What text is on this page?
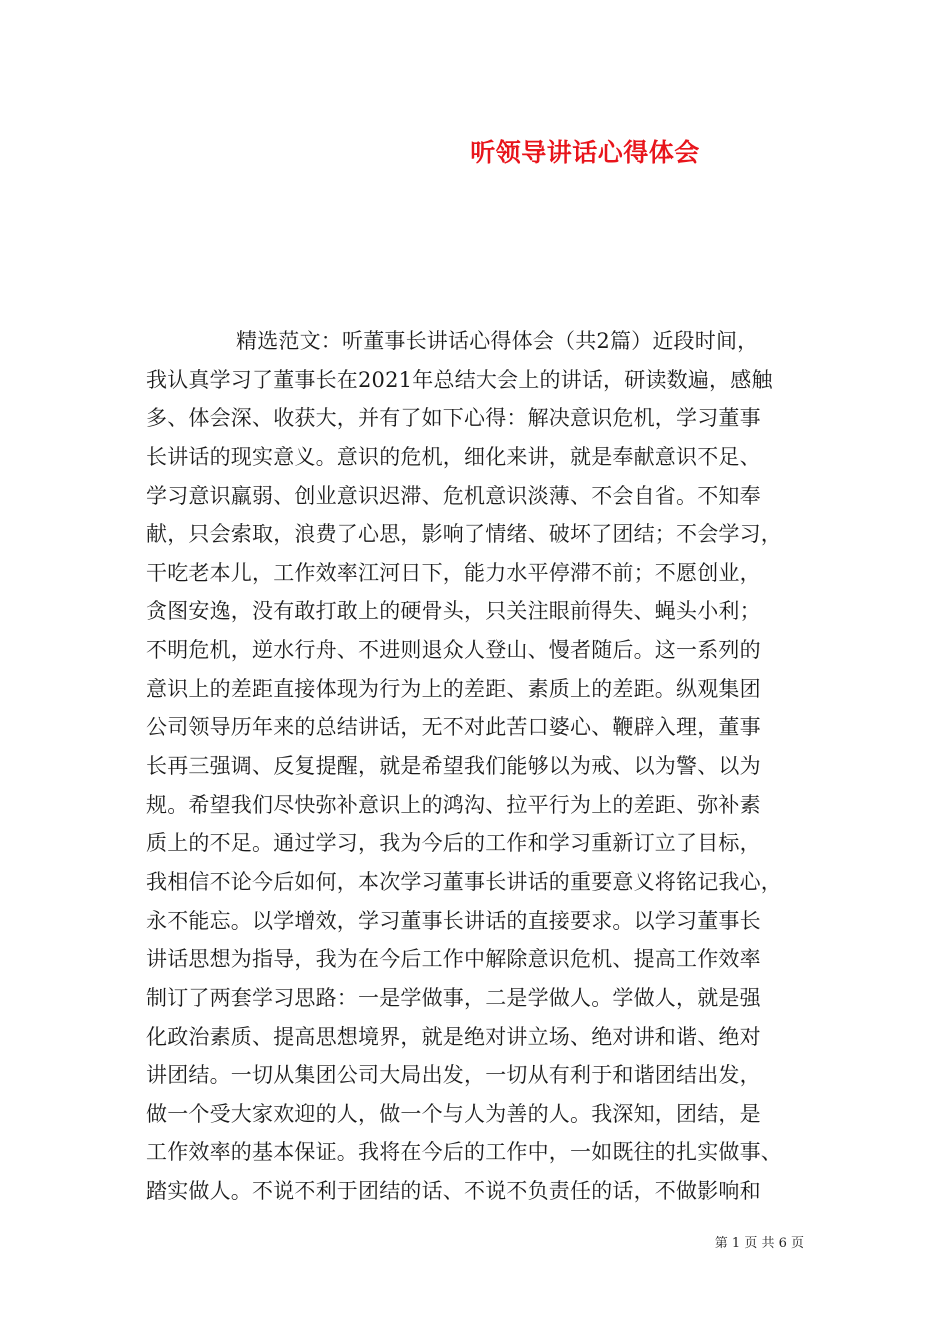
听领导讲话心得体会
精选范文：听董事长讲话心得体会（共2篇）近段时间，
我认真学习了董事长在2021年总结大会上的讲话，研读数遍，感触
多、体会深、收获大，并有了如下心得：解决意识危机，学习董事
长讲话的现实意义。意识的危机，细化来讲，就是奉献意识不足、
学习意识羸弱、创业意识迟滞、危机意识淡薄、不会自省。不知奉
献，只会索取，浪费了心思，影响了情绪、破坏了团结；不会学习，
干吃老本儿，工作效率江河日下，能力水平停滞不前；不愿创业，
贪图安逸，没有敢打敢上的硬骨头，只关注眼前得失、蝇头小利；
不明危机，逆水行舟、不进则退众人登山、慢者随后。这一系列的
意识上的差距直接体现为行为上的差距、素质上的差距。纵观集团
公司领导历年来的总结讲话，无不对此苦口婆心、鞭辟入理，董事
长再三强调、反复提醒，就是希望我们能够以为戒、以为警、以为
规。希望我们尽快弥补意识上的鸿沟、拉平行为上的差距、弥补素
质上的不足。通过学习，我为今后的工作和学习重新订立了目标，
我相信不论今后如何，本次学习董事长讲话的重要意义将铭记我心，
永不能忘。以学增效，学习董事长讲话的直接要求。以学习董事长
讲话思想为指导，我为在今后工作中解除意识危机、提高工作效率
制订了两套学习思路：一是学做事，二是学做人。学做人，就是强
化政治素质、提高思想境界，就是绝对讲立场、绝对讲和谐、绝对
讲团结。一切从集团公司大局出发，一切从有利于和谐团结出发，
做一个受大家欢迎的人，做一个与人为善的人。我深知，团结，是
工作效率的基本保证。我将在今后的工作中，一如既往的扎实做事、
踏实做人。不说不利于团结的话、不说不负责任的话，不做影响和
第 1 页 共 6 页
